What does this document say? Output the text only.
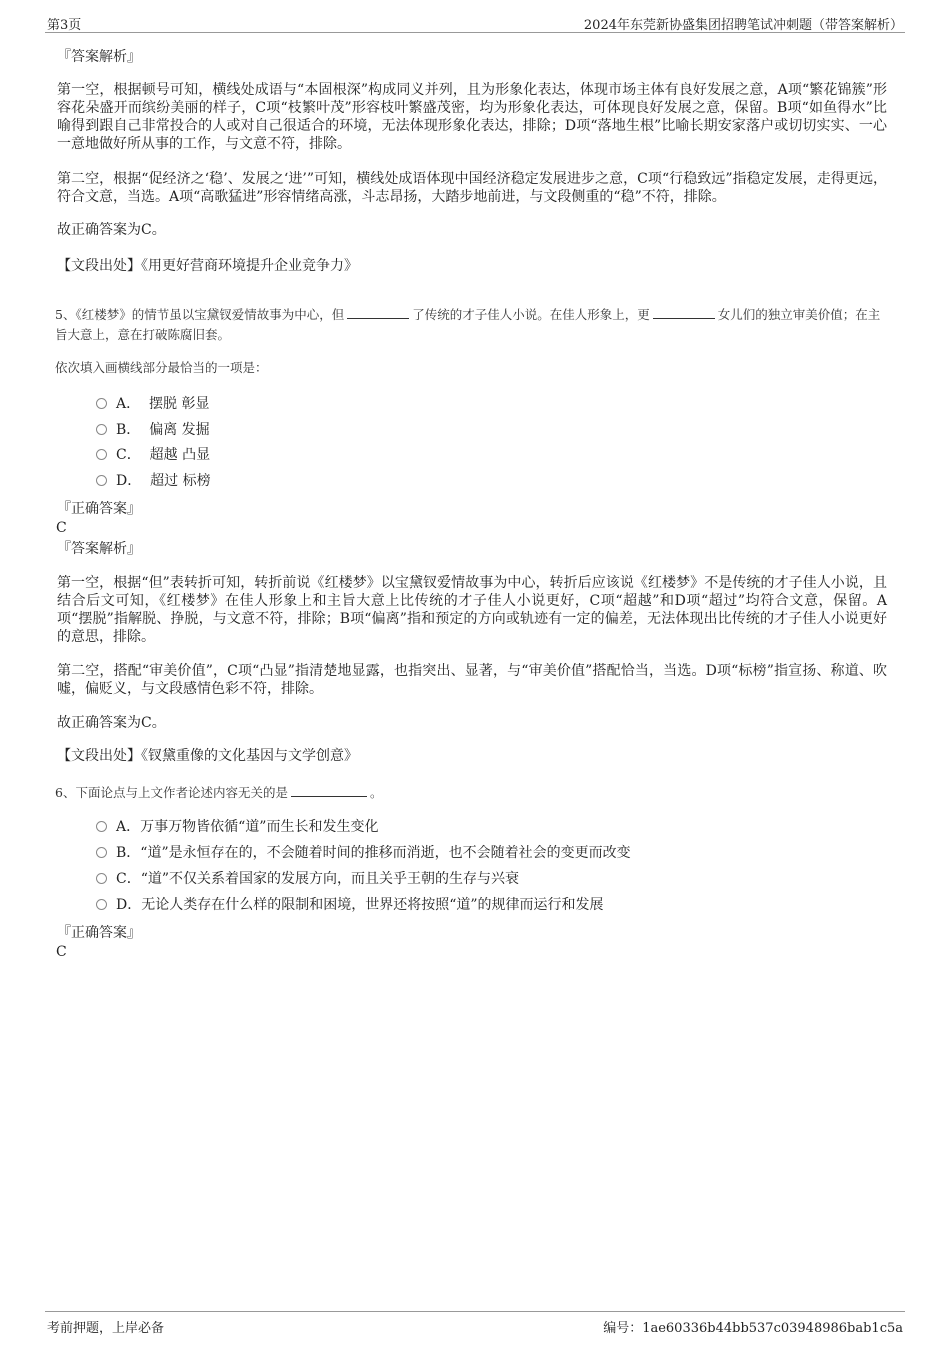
第3页	2024年东莞新协盛集团招聘笔试冲刺题（带答案解析）
『答案解析』
第一空，根据顿号可知，横线处成语与“本固根深”构成同义并列，且为形象化表达，体现市场主体有良好发展之意，A项“繁花锦簇”形容花朵盛开而缤纷美丽的样子，C项“枝繁叶茂”形容枝叶繁盛茂密，均为形象化表达，可体现良好发展之意，保留。B项“如鱼得水”比喻得到跟自己非常投合的人或对自己很适合的环境，无法体现形象化表达，排除；D项“落地生根”比喻长期安家落户或切切实实、一心一意地做好所从事的工作，与文意不符，排除。
第二空，根据“促经济之‘稳’、发展之‘进’”可知，横线处成语体现中国经济稳定发展进步之意，C项“行稳致远”指稳定发展，走得更远，符合文意，当选。A项“高歌猛进”形容情绪高涨，斗志昂扬，大踏步地前进，与文段侧重的“稳”不符，排除。
故正确答案为C。
【文段出处】《用更好营商环境提升企业竞争力》
5、《红楼梦》的情节虽以宝黛钗爱情故事为中心，但	了传统的才子佳人小说。在佳人形象上，更	女儿们的独立审美价值；在主旨大意上，意在打破陈腐旧套。
依次填入画横线部分最恰当的一项是：
A． 摆脱 彰显
B． 偏离 发掘
C． 超越 凸显
D． 超过 标榜
『正确答案』
C
『答案解析』
第一空，根据“但”表转折可知，转折前说《红楼梦》以宝黛钗爱情故事为中心，转折后应该说《红楼梦》不是传统的才子佳人小说，且结合后文可知，《红楼梦》在佳人形象上和主旨大意上比传统的才子佳人小说更好，C项“超越”和D项“超过”均符合文意，保留。A项“摆脱”指解脱、挣脱，与文意不符，排除；B项“偏离”指和预定的方向或轨迹有一定的偏差，无法体现出比传统的才子佳人小说更好的意思，排除。
第二空，搭配“审美价值”，C项“凸显”指清楚地显露，也指突出、显著，与“审美价值”搭配恰当，当选。D项“标榜”指宣扬、称道、吹嘘，偏贬义，与文段感情色彩不符，排除。
故正确答案为C。
【文段出处】《钗黛重像的文化基因与文学创意》
6、下面论点与上文作者论述内容无关的是	。
A．万事万物皆依循“道”而生长和发生变化
B．“道”是永恒存在的，不会随着时间的推移而消逝，也不会随着社会的变更而改变
C．“道”不仅关系着国家的发展方向，而且关乎王朝的生存与兴衰
D．无论人类存在什么样的限制和困境，世界还将按照“道”的规律而运行和发展
『正确答案』
C
考前押题，上岸必备	编号：1ae60336b44bb537c03948986bab1c5a
